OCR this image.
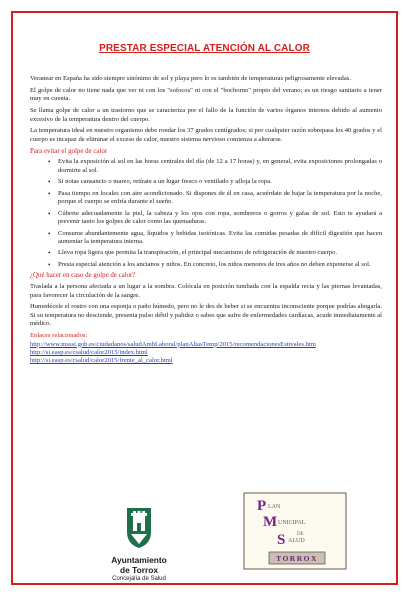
PRESTAR ESPECIAL ATENCIÓN AL CALOR

Veranear en España ha sido siempre sinónimo de sol y playa pero lo es también de temperaturas peligrosamente elevadas.

El golpe de calor no tiene nada que ver ni con los "sofocos" ni con el "bochorno" propio del verano; es un riesgo sanitario a tener muy en cuenta.

Se llama golpe de calor a un trastorno que se caracteriza por el fallo de la función de varios órganos internos debido al aumento excesivo de la temperatura dentro del cuerpo.

La temperatura ideal en nuestro organismo debe rondar los 37 grados centígrados; si por cualquier razón sobrepasa los 40 grados y el cuerpo es incapaz de eliminar el exceso de calor, nuestro sistema nervioso comienza a alterarse.

Para evitar el golpe de calor
• Evita la exposición al sol en las horas centrales del día (de 12 a 17 horas) y, en general, evita exposiciones prolongadas o dormirte al sol.
• Si notas cansancio o mareo, retírate a un lugar fresco o ventilado y afloja la ropa.
• Pasa tiempo en locales con aire acondicionado. Si dispones de él en casa, acuérdate de bajar la temperatura por la noche, porque el cuerpo se enfría durante el sueño.
• Cúbrete adecuadamente la piel, la cabeza y los ojos con ropa, sombreros o gorros y gafas de sol. Esto te ayudará a prevenir tanto los golpes de calor como las quemaduras.
• Consume abundantemente agua, líquidos y bebidas isotónicas. Evita las comidas pesadas de difícil digestión que hacen aumentar la temperatura interna.
• Lleva ropa ligera que permita la transpiración, el principal mecanismo de refrigeración de nuestro cuerpo.
• Presta especial atención a los ancianos y niños. En concreto, los niños menores de tres años no deben exponerse al sol.
¿Qué hacer en caso de golpe de calor?

Traslada a la persona afectada a un lugar a la sombra. Colócala en posición tumbada con la espalda recta y las piernas levantadas, para favorecer la circulación de la sangre.

Humedécele el rostro con una esponja o paño húmedo, pero no le des de beber si se encuentra inconsciente porque podrías ahogarla. Si su temperatura no desciende, presenta pulso débil y palidez o sabes que sufre de enfermedades cardíacas, acude inmediatamente al médico.

Enlaces relacionados:
http://www.msssi.gob.es/ciudadanos/saludAmbLaboral/planAltasTemp/2015/recomendacionesEstivales.htm
http://si.easp.es/csalud/calor2015/index.html
http://si.easp.es/csalud/calor2015/frente_al_calor.html
Ayuntamiento
de Torrox
Concejalía de Salud
P LAN
M UNICIPAL
DE
S ALUD
TORROX
